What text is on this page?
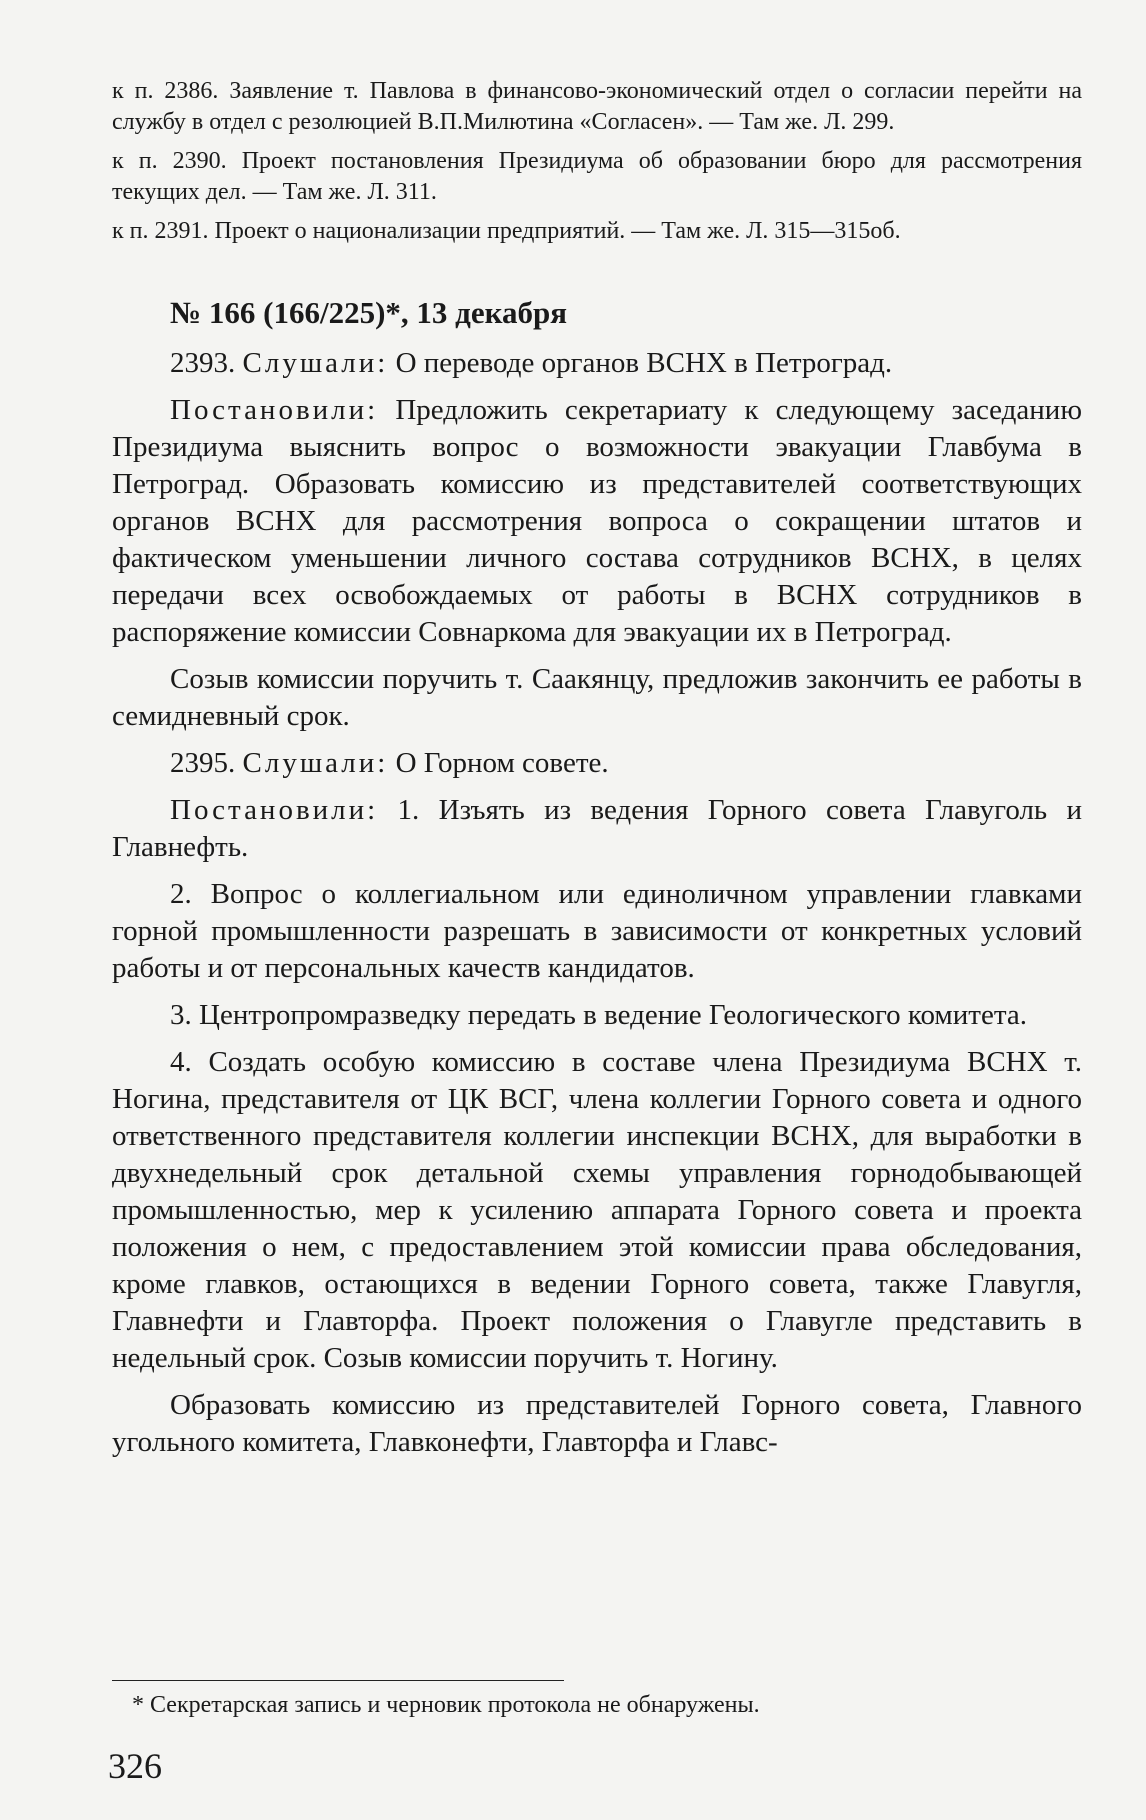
к п. 2386. Заявление т. Павлова в финансово-экономический отдел о согласии перейти на службу в отдел с резолюцией В.П.Милютина «Согласен». — Там же. Л. 299.

к п. 2390. Проект постановления Президиума об образовании бюро для рассмотрения текущих дел. — Там же. Л. 311.

к п. 2391. Проект о национализации предприятий. — Там же. Л. 315—315об.

№ 166 (166/225)*, 13 декабря

2393. Слушали: О переводе органов ВСНХ в Петроград.

Постановили: Предложить секретариату к следующему заседанию Президиума выяснить вопрос о возможности эвакуации Главбума в Петроград. Образовать комиссию из представителей соответствующих органов ВСНХ для рассмотрения вопроса о сокращении штатов и фактическом уменьшении личного состава сотрудников ВСНХ, в целях передачи всех освобождаемых от работы в ВСНХ сотрудников в распоряжение комиссии Совнаркома для эвакуации их в Петроград.

Созыв комиссии поручить т. Саакянцу, предложив закончить ее работы в семидневный срок.

2395. Слушали: О Горном совете.

Постановили: 1. Изъять из ведения Горного совета Главуголь и Главнефть.

2. Вопрос о коллегиальном или единоличном управлении главками горной промышленности разрешать в зависимости от конкретных условий работы и от персональных качеств кандидатов.

3. Центропромразведку передать в ведение Геологического комитета.

4. Создать особую комиссию в составе члена Президиума ВСНХ т. Ногина, представителя от ЦК ВСГ, члена коллегии Горного совета и одного ответственного представителя коллегии инспекции ВСНХ, для выработки в двухнедельный срок детальной схемы управления горнодобывающей промышленностью, мер к усилению аппарата Горного совета и проекта положения о нем, с предоставлением этой комиссии права обследования, кроме главков, остающихся в ведении Горного совета, также Главугля, Главнефти и Главторфа. Проект положения о Главугле представить в недельный срок. Созыв комиссии поручить т. Ногину.

Образовать комиссию из представителей Горного совета, Главного угольного комитета, Главконефти, Главторфа и Главс-

* Секретарская запись и черновик протокола не обнаружены.
326
